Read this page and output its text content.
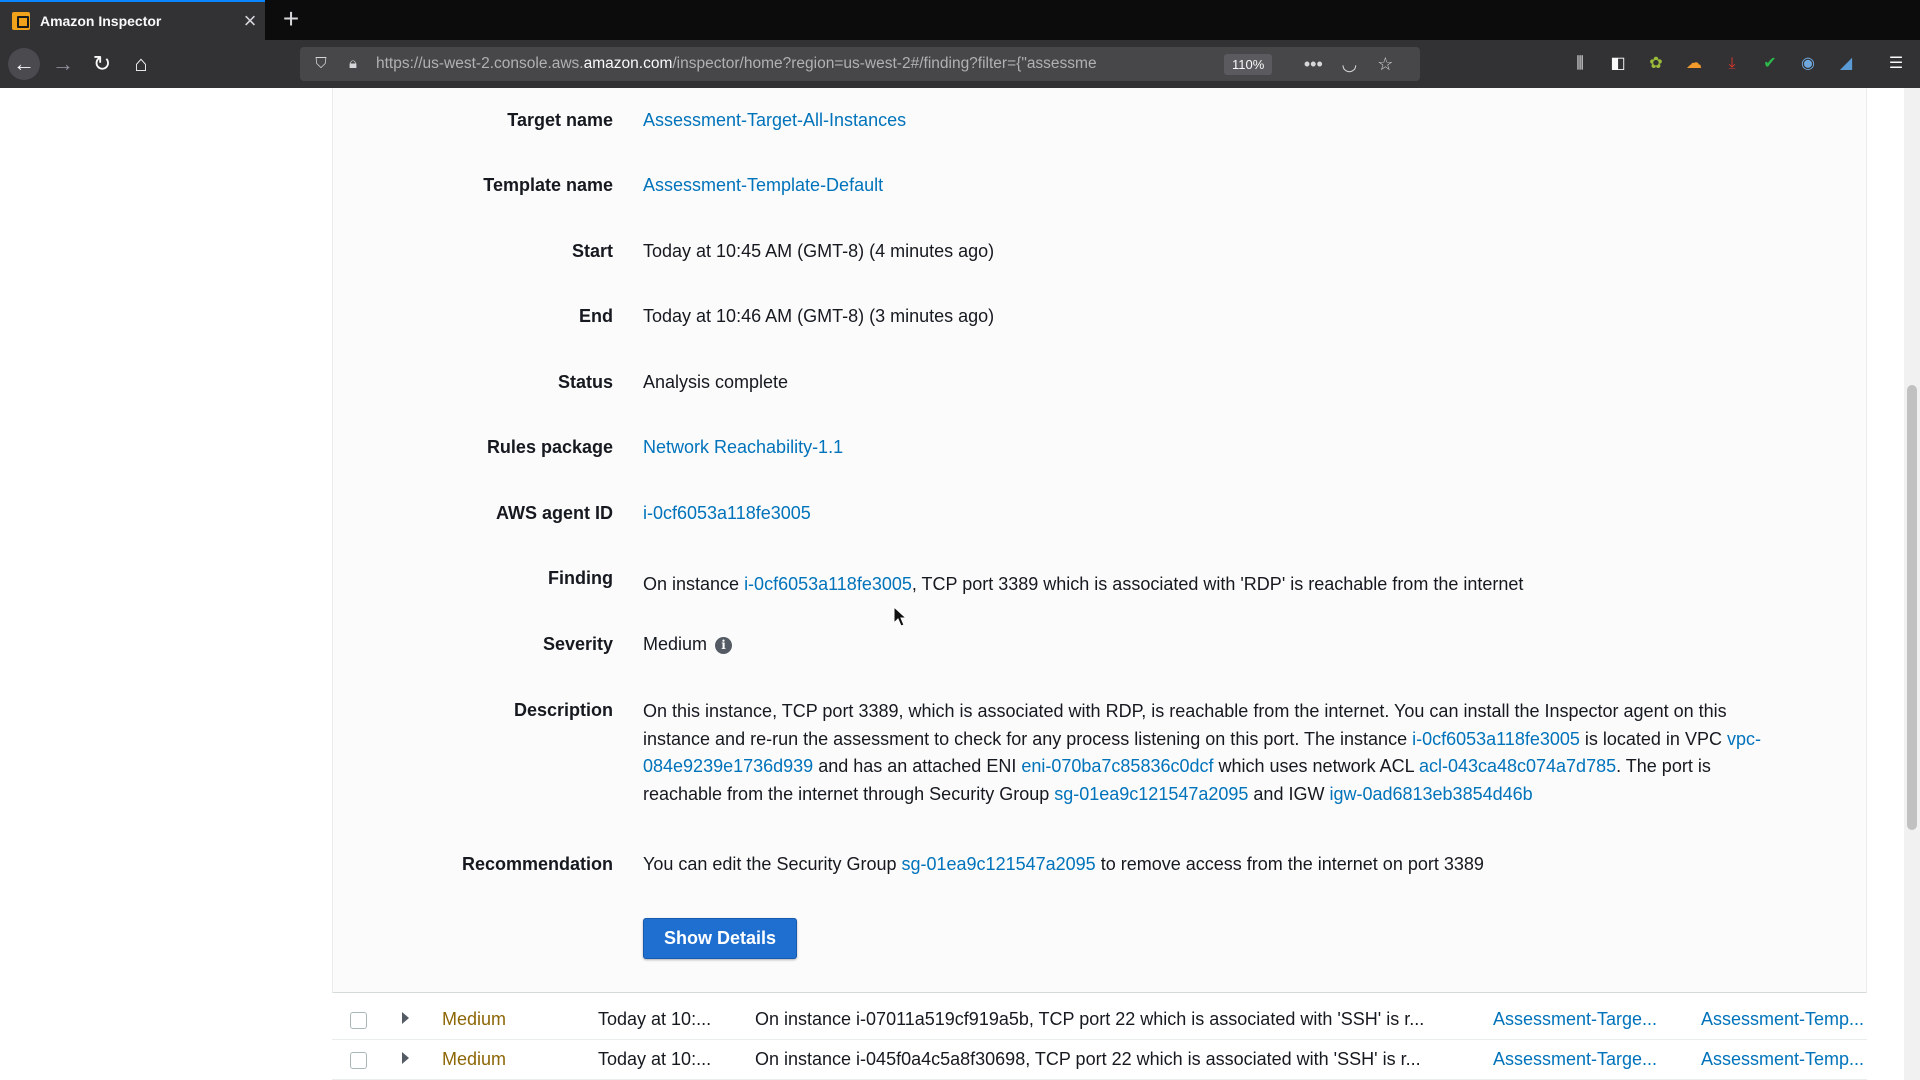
Amazon Inspector	× +
← → ↻	⌂	⛉	🔒︎	https://us-west-2.console.aws.amazon.com/inspector/home?region=us-west-2#/finding?filter={"assessme	110%	••• ◡ ☆	⫼	◧	✿	☁	⤓	✔	◉	◢	☰
Target name Assessment-Target-All-Instances
Template name Assessment-Template-Default
Start Today at 10:45 AM (GMT-8) (4 minutes ago)
End Today at 10:46 AM (GMT-8) (3 minutes ago)
Status Analysis complete
Rules package Network Reachability-1.1
AWS agent ID i-0cf6053a118fe3005
Finding On instance i-0cf6053a118fe3005, TCP port 3389 which is associated with 'RDP' is reachable from the internet
Severity Medium i
Description On this instance, TCP port 3389, which is associated with RDP, is reachable from the internet. You can install the Inspector agent on this instance and re-run the assessment to check for any process listening on this port. The instance i-0cf6053a118fe3005 is located in VPC vpc-084e9239e1736d939 and has an attached ENI eni-070ba7c85836c0dcf which uses network ACL acl-043ca48c074a7d785. The port is reachable from the internet through Security Group sg-01ea9c121547a2095 and IGW igw-0ad6813eb3854d46b
Recommendation You can edit the Security Group sg-01ea9c121547a2095 to remove access from the internet on port 3389
Show Details
Medium	Today at 10:... On instance i-07011a519cf919a5b, TCP port 22 which is associated with 'SSH' is r...	Assessment-Targe... Assessment-Temp...
Medium	Today at 10:... On instance i-045f0a4c5a8f30698, TCP port 22 which is associated with 'SSH' is r...	Assessment-Targe... Assessment-Temp...
